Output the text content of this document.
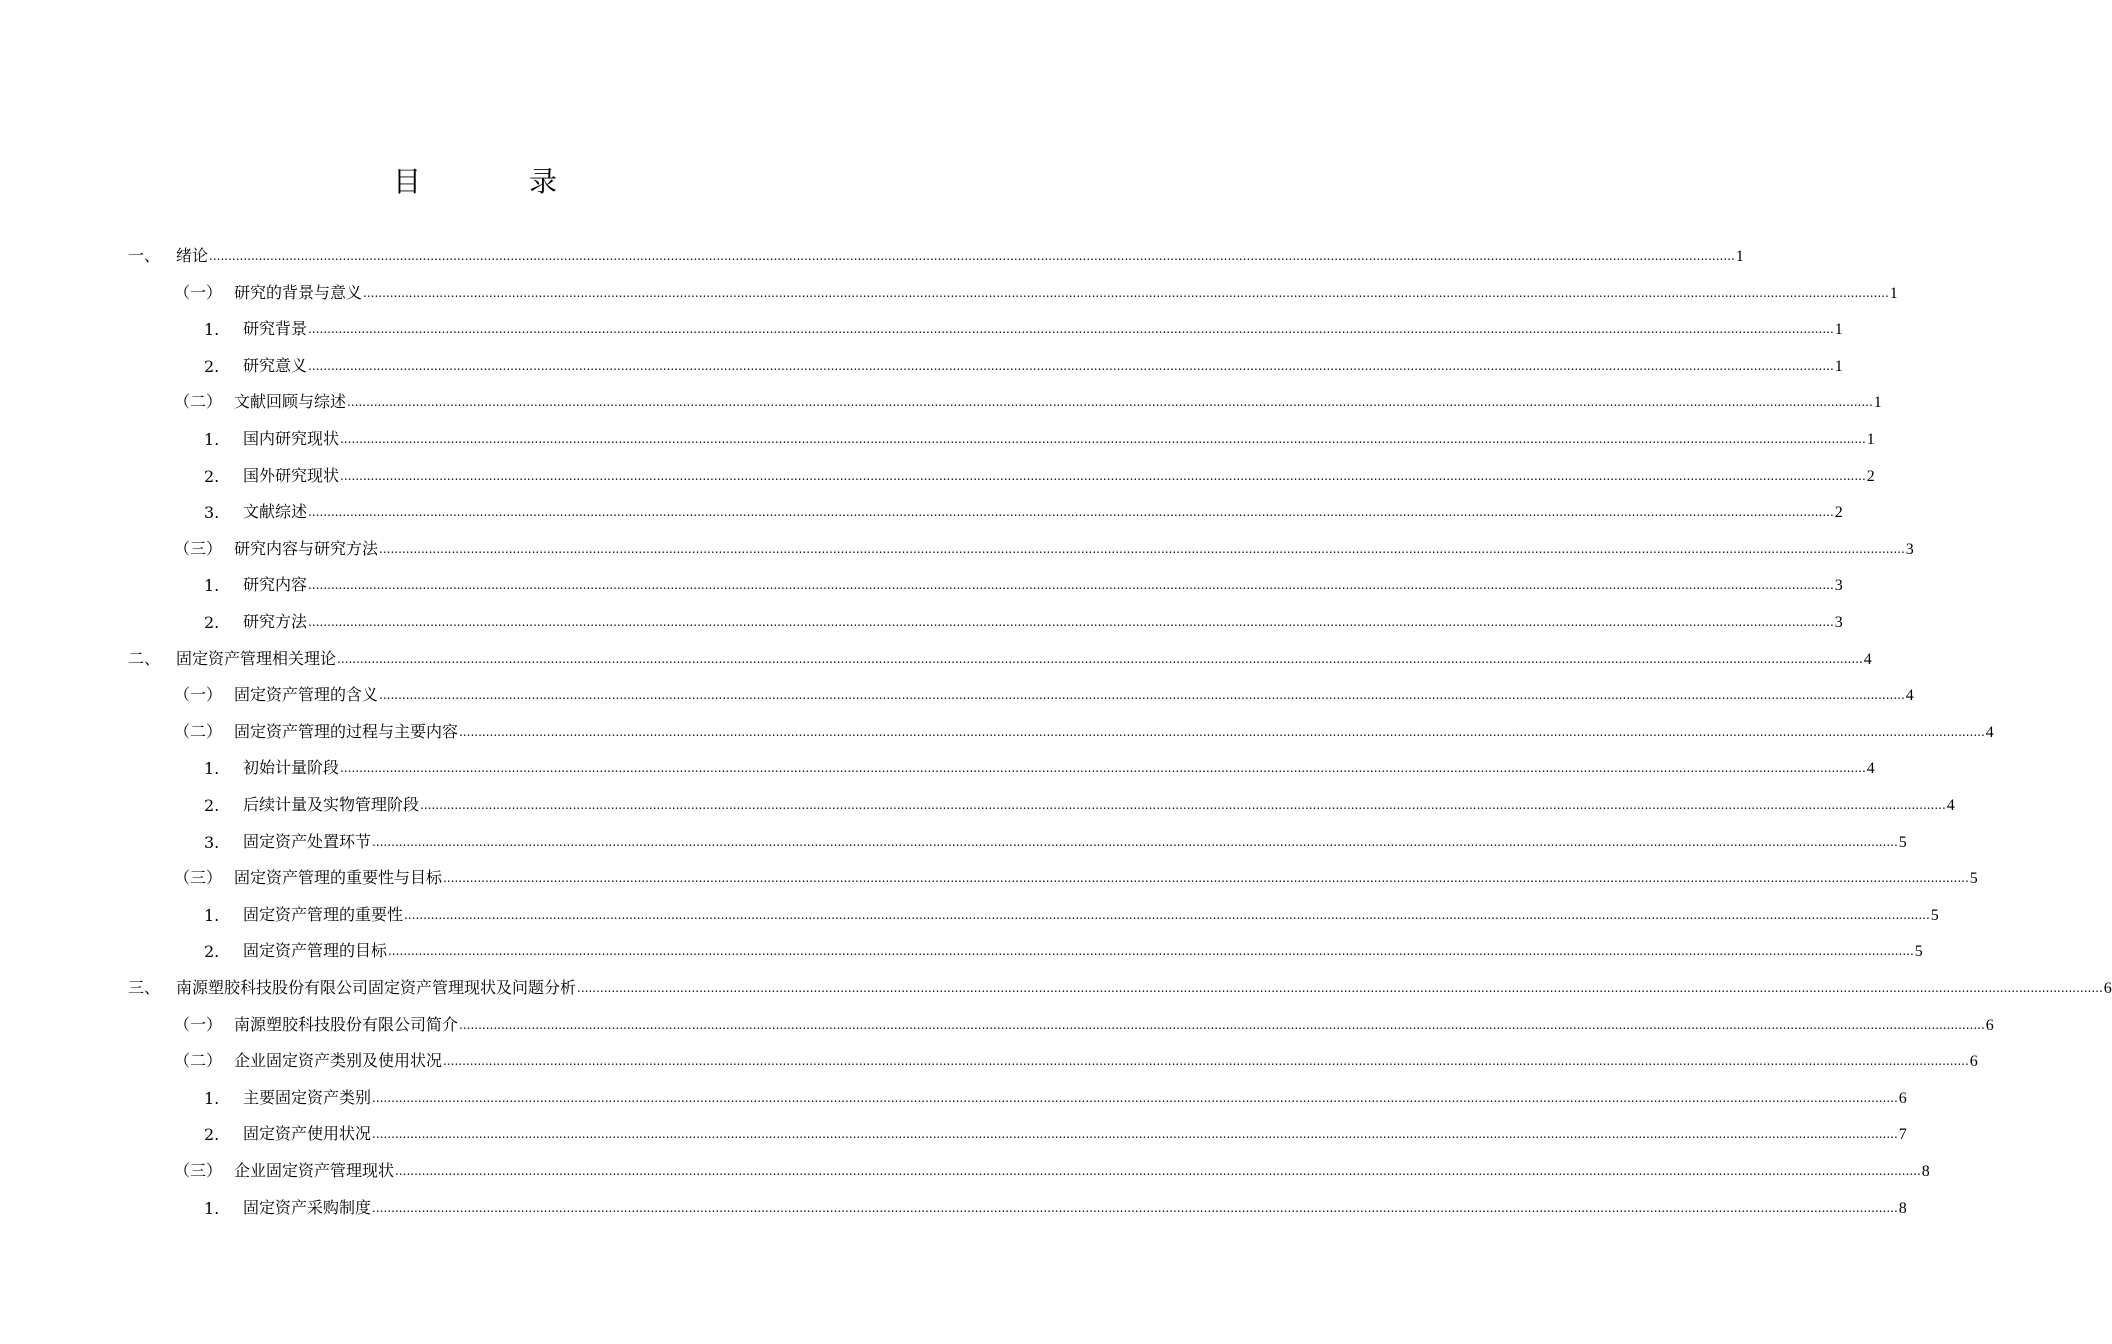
目　录
一、 绪论 ................................................................................................................................................................................................................................................................................................................................................................................................................ 1
（一） 研究的背景与意义 ................................................................................................................................................................................................................................................................................................................................................................................................................ 1
1.	研究背景 ................................................................................................................................................................................................................................................................................................................................................................................................................ 1
2.	研究意义 ................................................................................................................................................................................................................................................................................................................................................................................................................ 1
（二） 文献回顾与综述 ................................................................................................................................................................................................................................................................................................................................................................................................................ 1
1.	国内研究现状 ................................................................................................................................................................................................................................................................................................................................................................................................................ 1
2.	国外研究现状 ................................................................................................................................................................................................................................................................................................................................................................................................................ 2
3.	文献综述 ................................................................................................................................................................................................................................................................................................................................................................................................................ 2
（三） 研究内容与研究方法 ................................................................................................................................................................................................................................................................................................................................................................................................................ 3
1.	研究内容 ................................................................................................................................................................................................................................................................................................................................................................................................................ 3
2.	研究方法 ................................................................................................................................................................................................................................................................................................................................................................................................................ 3
二、 固定资产管理相关理论 ................................................................................................................................................................................................................................................................................................................................................................................................................ 4
（一） 固定资产管理的含义 ................................................................................................................................................................................................................................................................................................................................................................................................................ 4
（二） 固定资产管理的过程与主要内容 ................................................................................................................................................................................................................................................................................................................................................................................................................ 4
1.	初始计量阶段 ................................................................................................................................................................................................................................................................................................................................................................................................................ 4
2.	后续计量及实物管理阶段 ................................................................................................................................................................................................................................................................................................................................................................................................................ 4
3.	固定资产处置环节 ................................................................................................................................................................................................................................................................................................................................................................................................................ 5
（三） 固定资产管理的重要性与目标 ................................................................................................................................................................................................................................................................................................................................................................................................................ 5
1.	固定资产管理的重要性 ................................................................................................................................................................................................................................................................................................................................................................................................................ 5
2.	固定资产管理的目标 ................................................................................................................................................................................................................................................................................................................................................................................................................ 5
三、 南源塑胶科技股份有限公司固定资产管理现状及问题分析 ................................................................................................................................................................................................................................................................................................................................................................................................................ 6
（一） 南源塑胶科技股份有限公司简介 ................................................................................................................................................................................................................................................................................................................................................................................................................ 6
（二） 企业固定资产类别及使用状况 ................................................................................................................................................................................................................................................................................................................................................................................................................ 6
1.	主要固定资产类别 ................................................................................................................................................................................................................................................................................................................................................................................................................ 6
2.	固定资产使用状况 ................................................................................................................................................................................................................................................................................................................................................................................................................ 7
（三） 企业固定资产管理现状 ................................................................................................................................................................................................................................................................................................................................................................................................................ 8
1.	固定资产采购制度 ................................................................................................................................................................................................................................................................................................................................................................................................................ 8
